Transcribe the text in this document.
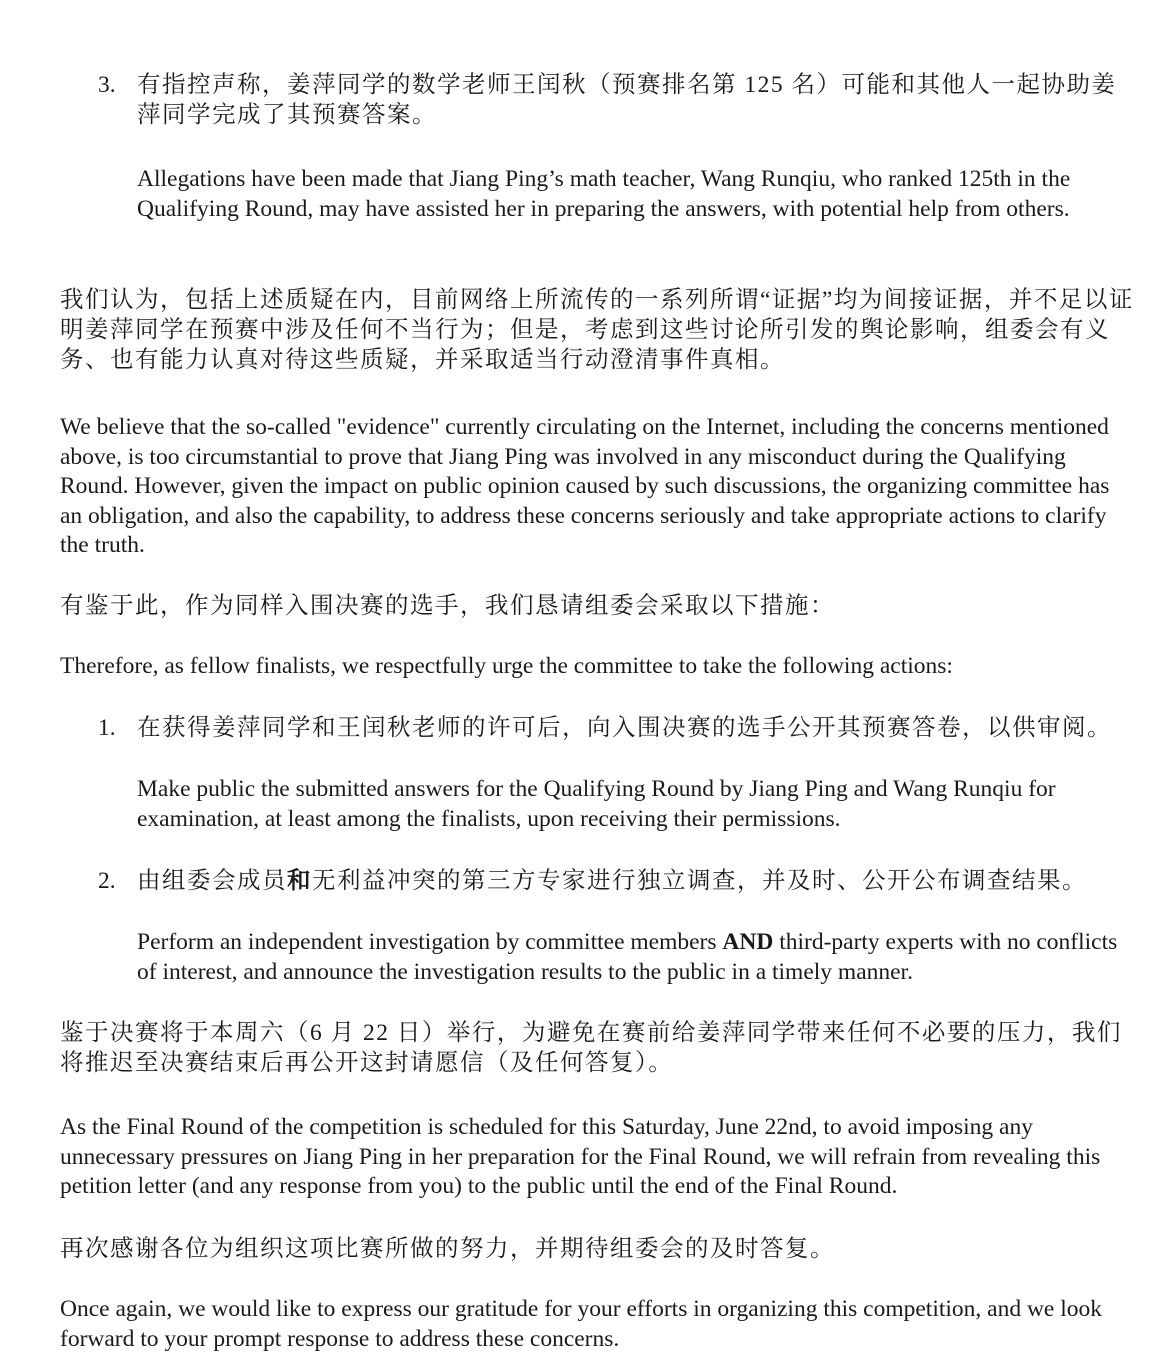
3. 有指控声称，姜萍同学的数学老师王闰秋（预赛排名第 125 名）可能和其他人一起协助姜萍同学完成了其预赛答案。

Allegations have been made that Jiang Ping’s math teacher, Wang Runqiu, who ranked 125th in the Qualifying Round, may have assisted her in preparing the answers, with potential help from others.

我们认为，包括上述质疑在内，目前网络上所流传的一系列所谓“证据”均为间接证据，并不足以证明姜萍同学在预赛中涉及任何不当行为；但是，考虑到这些讨论所引发的舆论影响，组委会有义务、也有能力认真对待这些质疑，并采取适当行动澄清事件真相。

We believe that the so-called "evidence" currently circulating on the Internet, including the concerns mentioned above, is too circumstantial to prove that Jiang Ping was involved in any misconduct during the Qualifying Round. However, given the impact on public opinion caused by such discussions, the organizing committee has an obligation, and also the capability, to address these concerns seriously and take appropriate actions to clarify the truth.

有鉴于此，作为同样入围决赛的选手，我们恳请组委会采取以下措施：

Therefore, as fellow finalists, we respectfully urge the committee to take the following actions:

1. 在获得姜萍同学和王闰秋老师的许可后，向入围决赛的选手公开其预赛答卷，以供审阅。

Make public the submitted answers for the Qualifying Round by Jiang Ping and Wang Runqiu for examination, at least among the finalists, upon receiving their permissions.

2. 由组委会成员和无利益冲突的第三方专家进行独立调查，并及时、公开公布调查结果。

Perform an independent investigation by committee members AND third-party experts with no conflicts of interest, and announce the investigation results to the public in a timely manner.

鉴于决赛将于本周六（6 月 22 日）举行，为避免在赛前给姜萍同学带来任何不必要的压力，我们将推迟至决赛结束后再公开这封请愿信（及任何答复）。

As the Final Round of the competition is scheduled for this Saturday, June 22nd, to avoid imposing any unnecessary pressures on Jiang Ping in her preparation for the Final Round, we will refrain from revealing this petition letter (and any response from you) to the public until the end of the Final Round.

再次感谢各位为组织这项比赛所做的努力，并期待组委会的及时答复。

Once again, we would like to express our gratitude for your efforts in organizing this competition, and we look forward to your prompt response to address these concerns.
